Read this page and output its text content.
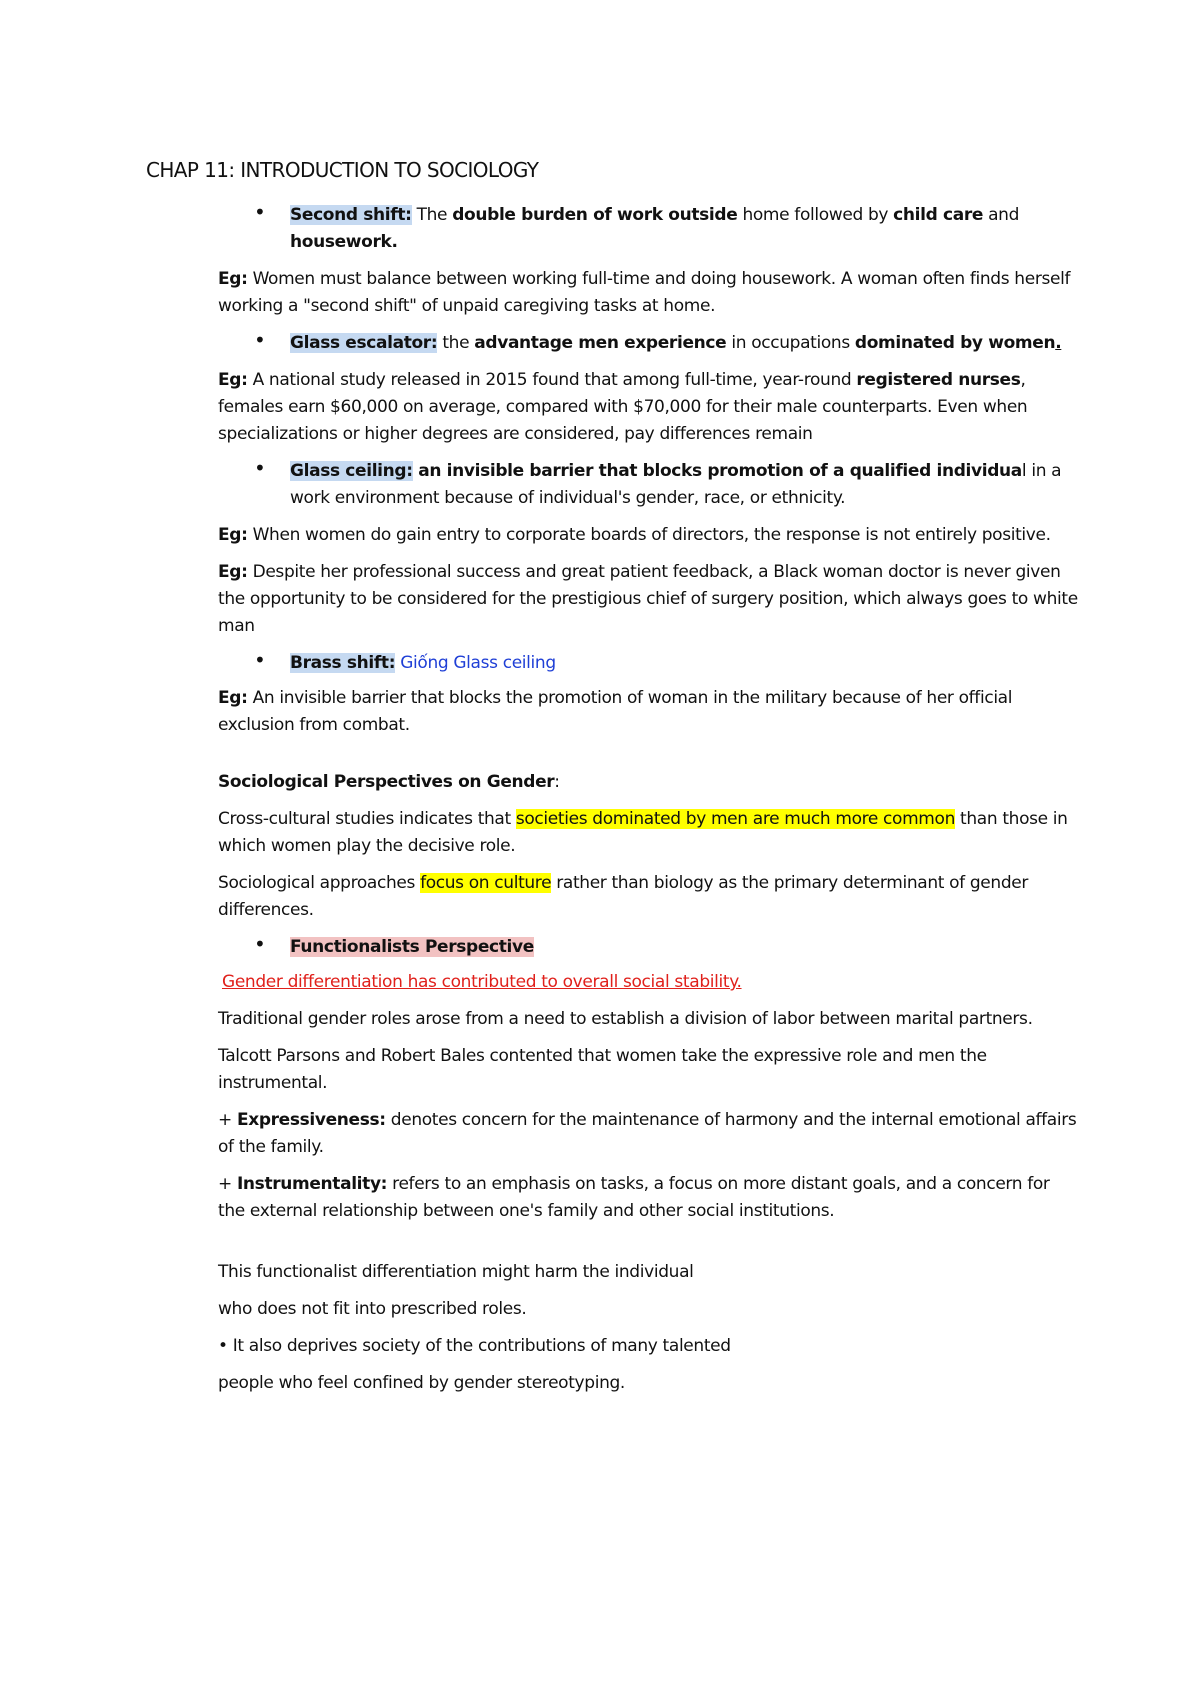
CHAP 11: INTRODUCTION TO SOCIOLOGY
• Second shift: The double burden of work outside home followed by child care and housework.

Eg: Women must balance between working full-time and doing housework. A woman often finds herself working a "second shift" of unpaid caregiving tasks at home.

• Glass escalator: the advantage men experience in occupations dominated by women.

Eg: A national study released in 2015 found that among full-time, year-round registered nurses, females earn $60,000 on average, compared with $70,000 for their male counterparts. Even when specializations or higher degrees are considered, pay differences remain

• Glass ceiling: an invisible barrier that blocks promotion of a qualified individual in a work environment because of individual's gender, race, or ethnicity.

Eg: When women do gain entry to corporate boards of directors, the response is not entirely positive.

Eg: Despite her professional success and great patient feedback, a Black woman doctor is never given the opportunity to be considered for the prestigious chief of surgery position, which always goes to white man

• Brass shift: Giống Glass ceiling

Eg: An invisible barrier that blocks the promotion of woman in the military because of her official exclusion from combat.

Sociological Perspectives on Gender:

Cross-cultural studies indicates that societies dominated by men are much more common than those in which women play the decisive role.

Sociological approaches focus on culture rather than biology as the primary determinant of gender differences.

• Functionalists Perspective

Gender differentiation has contributed to overall social stability.

Traditional gender roles arose from a need to establish a division of labor between marital partners.

Talcott Parsons and Robert Bales contented that women take the expressive role and men the instrumental.

+ Expressiveness: denotes concern for the maintenance of harmony and the internal emotional affairs of the family.

+ Instrumentality: refers to an emphasis on tasks, a focus on more distant goals, and a concern for the external relationship between one's family and other social institutions.

This functionalist differentiation might harm the individual

who does not fit into prescribed roles.

• It also deprives society of the contributions of many talented

people who feel confined by gender stereotyping.
